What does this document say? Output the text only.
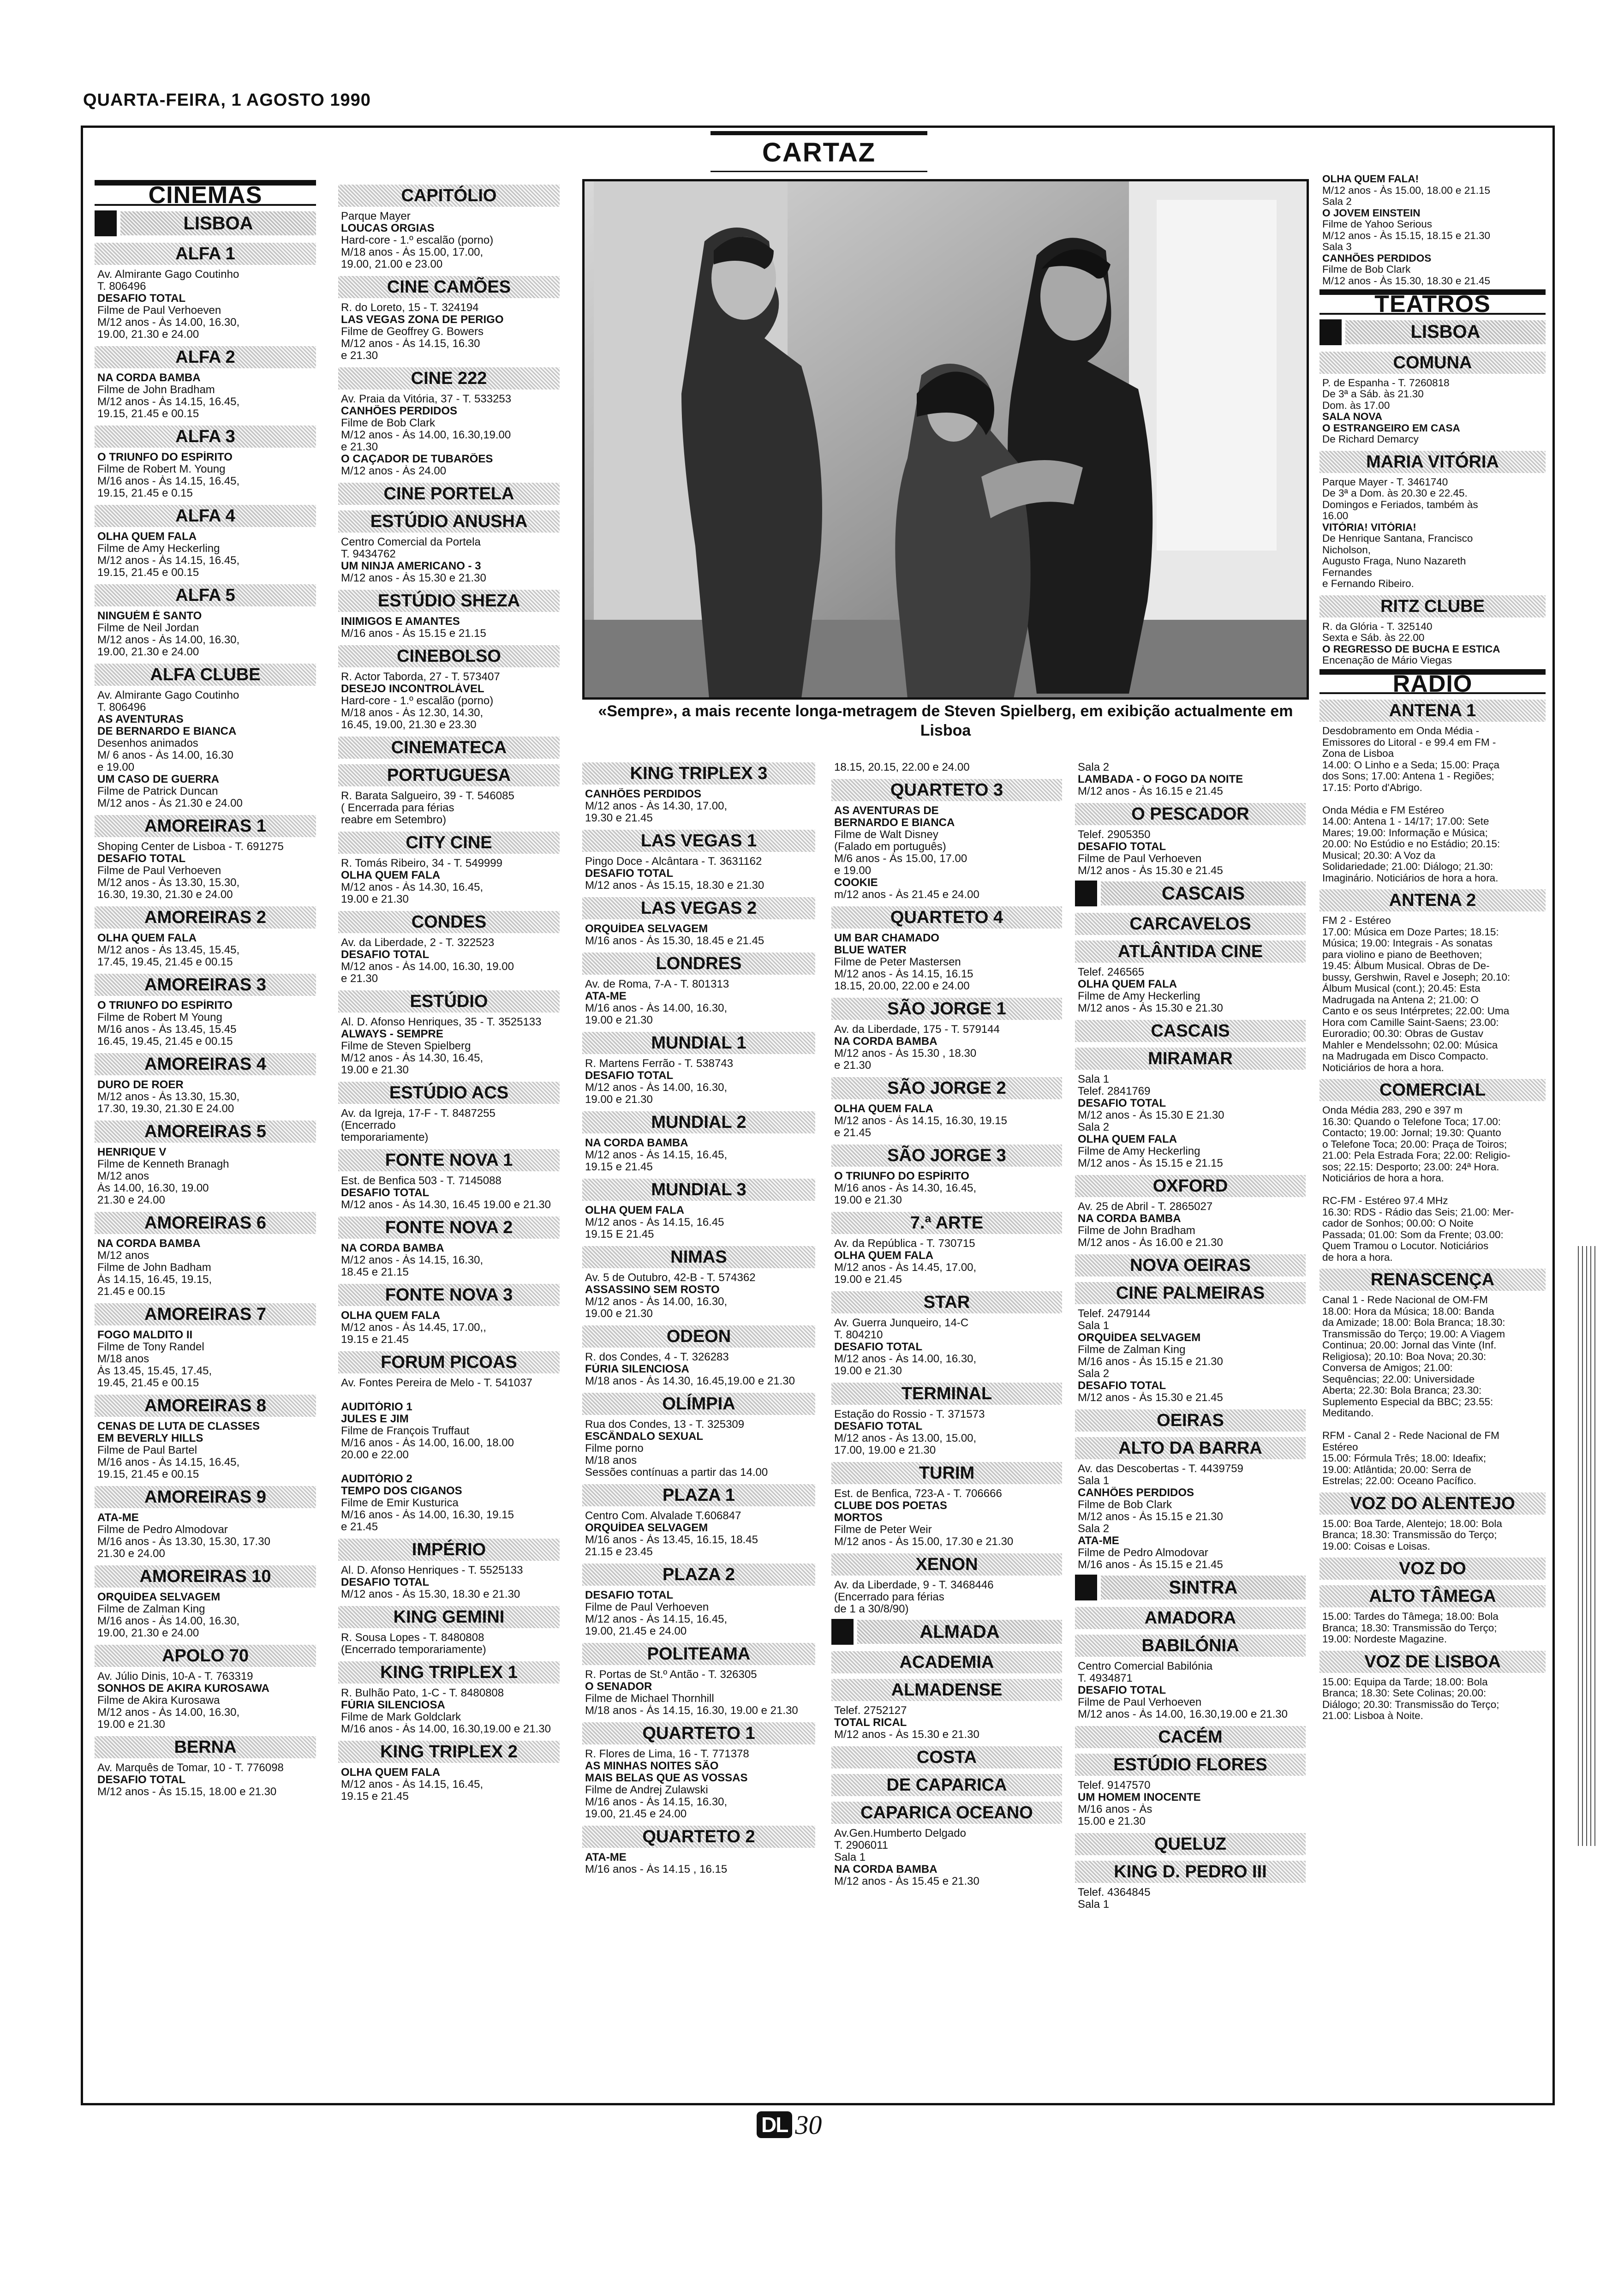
QUARTA-FEIRA, 1 AGOSTO 1990
CARTAZ
CINEMAS
LISBOA
ALFA 1
Av. Almirante Gago Coutinho
T. 806496
DESAFIO TOTAL
Filme de Paul Verhoeven
M/12 anos - Às 14.00, 16.30,
19.00, 21.30 e 24.00
ALFA 2
NA CORDA BAMBA
Filme de John Bradham
M/12 anos - Às 14.15, 16.45,
19.15, 21.45 e 00.15
ALFA 3
O TRIUNFO DO ESPÍRITO
Filme de Robert M. Young
M/16 anos - Às 14.15, 16.45,
19.15, 21.45 e 0.15
ALFA 4
OLHA QUEM FALA
Filme de Amy Heckerling
M/12 anos - Às 14.15, 16.45,
19.15, 21.45 e 00.15
ALFA 5
NINGUÉM É SANTO
Filme de Neil Jordan
M/12 anos - Às 14.00, 16.30,
19.00, 21.30 e 24.00
ALFA CLUBE
Av. Almirante Gago Coutinho
T. 806496
AS AVENTURAS
DE BERNARDO E BIANCA
Desenhos animados
M/ 6 anos - Às 14.00, 16.30
e 19.00
UM CASO DE GUERRA
Filme de Patrick Duncan
M/12 anos - Às 21.30 e 24.00
AMOREIRAS 1
Shoping Center de Lisboa - T. 691275
DESAFIO TOTAL
Filme de Paul Verhoeven
M/12 anos - Às 13.30, 15.30,
16.30, 19.30, 21.30 e 24.00
AMOREIRAS 2
OLHA QUEM FALA
M/12 anos - Às 13.45, 15.45,
17.45, 19.45, 21.45 e 00.15
AMOREIRAS 3
O TRIUNFO DO ESPÍRITO
Filme de Robert M Young
M/16 anos - Às 13.45, 15.45
16.45, 19.45, 21.45 e 00.15
AMOREIRAS 4
DURO DE ROER
M/12 anos - Às 13.30, 15.30,
17.30, 19.30, 21.30 E 24.00
AMOREIRAS 5
HENRIQUE V
Filme de Kenneth Branagh
M/12 anos
Às 14.00, 16.30, 19.00
21.30 e 24.00
AMOREIRAS 6
NA CORDA BAMBA
M/12 anos
Filme de John Badham
Às 14.15, 16.45, 19.15,
21.45 e 00.15
AMOREIRAS 7
FOGO MALDITO II
Filme de Tony Randel
M/18 anos
Às 13.45, 15.45, 17.45,
19.45, 21.45 e 00.15
AMOREIRAS 8
CENAS DE LUTA DE CLASSES
EM BEVERLY HILLS
Filme de Paul Bartel
M/16 anos - Às 14.15, 16.45,
19.15, 21.45 e 00.15
AMOREIRAS 9
ATA-ME
Filme de Pedro Almodovar
M/16 anos - Às 13.30, 15.30, 17.30
21.30 e 24.00
AMOREIRAS 10
ORQUÍDEA SELVAGEM
Filme de Zalman King
M/16 anos - Às 14.00, 16.30,
19.00, 21.30 e 24.00
APOLO 70
Av. Júlio Dinis, 10-A - T. 763319
SONHOS DE AKIRA KUROSAWA
Filme de Akira Kurosawa
M/12 anos - Às 14.00, 16.30,
19.00 e 21.30
BERNA
Av. Marquês de Tomar, 10 - T. 776098
DESAFIO TOTAL
M/12 anos - Às 15.15, 18.00 e 21.30
CAPITÓLIO
Parque Mayer
LOUCAS ORGIAS
Hard-core - 1.º escalão (porno)
M/18 anos - Às 15.00, 17.00,
19.00, 21.00 e 23.00
CINE CAMÕES
R. do Loreto, 15 - T. 324194
LAS VEGAS ZONA DE PERIGO
Filme de Geoffrey G. Bowers
M/12 anos - Às 14.15, 16.30
e 21.30
CINE 222
Av. Praia da Vitória, 37 - T. 533253
CANHÕES PERDIDOS
Filme de Bob Clark
M/12 anos - Às 14.00, 16.30,19.00
e 21.30
O CAÇADOR DE TUBARÕES
M/12 anos - Às 24.00
CINE PORTELA
ESTÚDIO ANUSHA
Centro Comercial da Portela
T. 9434762
UM NINJA AMERICANO - 3
M/12 anos - Às 15.30 e 21.30
ESTÚDIO SHEZA
INIMIGOS E AMANTES
M/16 anos - Às 15.15 e 21.15
CINEBOLSO
R. Actor Taborda, 27 - T. 573407
DESEJO INCONTROLÁVEL
Hard-core - 1.º escalão (porno)
M/18 anos - Às 12.30, 14.30,
16.45, 19.00, 21.30 e 23.30
CINEMATECA
PORTUGUESA
R. Barata Salgueiro, 39 - T. 546085
( Encerrada para férias
reabre em Setembro)
CITY CINE
R. Tomás Ribeiro, 34 - T. 549999
OLHA QUEM FALA
M/12 anos - Às 14.30, 16.45,
19.00 e 21.30
CONDES
Av. da Liberdade, 2 - T. 322523
DESAFIO TOTAL
M/12 anos - Às 14.00, 16.30, 19.00
e 21.30
ESTÚDIO
Al. D. Afonso Henriques, 35 - T. 3525133
ALWAYS - SEMPRE
Filme de Steven Spielberg
M/12 anos - Às 14.30, 16.45,
19.00 e 21.30
ESTÚDIO ACS
Av. da Igreja, 17-F - T. 8487255
(Encerrado
temporariamente)
FONTE NOVA 1
Est. de Benfica 503 - T. 7145088
DESAFIO TOTAL
M/12 anos - Às 14.30, 16.45 19.00 e 21.30
FONTE NOVA 2
NA CORDA BAMBA
M/12 anos - Às 14.15, 16.30,
18.45 e 21.15
FONTE NOVA 3
OLHA QUEM FALA
M/12 anos - Às 14.45, 17.00,,
19.15 e 21.45
FORUM PICOAS
Av. Fontes Pereira de Melo - T. 541037

AUDITÓRIO 1
JULES E JIM
Filme de François Truffaut
M/16 anos - Às 14.00, 16.00, 18.00
20.00 e 22.00

AUDITÓRIO 2
TEMPO DOS CIGANOS
Filme de Emir Kusturica
M/16 anos - Às 14.00, 16.30, 19.15
e 21.45
IMPÉRIO
Al. D. Afonso Henriques - T. 5525133
DESAFIO TOTAL
M/12 anos - Às 15.30, 18.30 e 21.30
KING GEMINI
R. Sousa Lopes - T. 8480808
(Encerrado temporariamente)
KING TRIPLEX 1
R. Bulhão Pato, 1-C - T. 8480808
FÚRIA SILENCIOSA
Filme de Mark Goldclark
M/16 anos - Às 14.00, 16.30,19.00 e 21.30
KING TRIPLEX 2
OLHA QUEM FALA
M/12 anos - Às 14.15, 16.45,
19.15 e 21.45
KING TRIPLEX 3
CANHÕES PERDIDOS
M/12 anos - Às 14.30, 17.00,
19.30 e 21.45
LAS VEGAS 1
Pingo Doce - Alcântara - T. 3631162
DESAFIO TOTAL
M/12 anos - Às 15.15, 18.30 e 21.30
LAS VEGAS 2
ORQUÍDEA SELVAGEM
M/16 anos - Às 15.30, 18.45 e 21.45
LONDRES
Av. de Roma, 7-A - T. 801313
ATA-ME
M/16 anos - Às 14.00, 16.30,
19.00 e 21.30
MUNDIAL 1
R. Martens Ferrão - T. 538743
DESAFIO TOTAL
M/12 anos - Às 14.00, 16.30,
19.00 e 21.30
MUNDIAL 2
NA CORDA BAMBA
M/12 anos - Às 14.15, 16.45,
19.15 e 21.45
MUNDIAL 3
OLHA QUEM FALA
M/12 anos - Às 14.15, 16.45
19.15 E 21.45
NIMAS
Av. 5 de Outubro, 42-B - T. 574362
ASSASSINO SEM ROSTO
M/12 anos - Às 14.00, 16.30,
19.00 e 21.30
ODEON
R. dos Condes, 4 - T. 326283
FÚRIA SILENCIOSA
M/18 anos - Às 14.30, 16.45,19.00 e 21.30
OLÍMPIA
Rua dos Condes, 13 - T. 325309
ESCÂNDALO SEXUAL
Filme porno
M/18 anos
Sessões contínuas a partir das 14.00
PLAZA 1
Centro Com. Alvalade T.606847
ORQUÍDEA SELVAGEM
M/16 anos - Às 13.45, 16.15, 18.45
21.15 e 23.45
PLAZA 2
DESAFIO TOTAL
Filme de Paul Verhoeven
M/12 anos - Às 14.15, 16.45,
19.00, 21.45 e 24.00
POLITEAMA
R. Portas de St.º Antão - T. 326305
O SENADOR
Filme de Michael Thornhill
M/18 anos - Às 14.15, 16.30, 19.00 e 21.30
QUARTETO 1
R. Flores de Lima, 16 - T. 771378
AS MINHAS NOITES SÃO
MAIS BELAS QUE AS VOSSAS
Filme de Andrej Zulawski
M/16 anos - Às 14.15, 16.30,
19.00, 21.45 e 24.00
QUARTETO 2
ATA-ME
M/16 anos - Às 14.15 , 16.15
18.15, 20.15, 22.00 e 24.00
QUARTETO 3
AS AVENTURAS DE
BERNARDO E BIANCA
Filme de Walt Disney
(Falado em português)
M/6 anos - Às 15.00, 17.00
e 19.00
COOKIE
m/12 anos - Às 21.45 e 24.00
QUARTETO 4
UM BAR CHAMADO
BLUE WATER
Filme de Peter Mastersen
M/12 anos - Às 14.15, 16.15
18.15, 20.00, 22.00 e 24.00
SÃO JORGE 1
Av. da Liberdade, 175 - T. 579144
NA CORDA BAMBA
M/12 anos - Às 15.30 , 18.30
e 21.30
SÃO JORGE 2
OLHA QUEM FALA
M/12 anos - Às 14.15, 16.30, 19.15
e 21.45
SÃO JORGE 3
O TRIUNFO DO ESPÍRITO
M/16 anos - Às 14.30, 16.45,
19.00 e 21.30
7.ª ARTE
Av. da República - T. 730715
OLHA QUEM FALA
M/12 anos - Às 14.45, 17.00,
19.00 e 21.45
STAR
Av. Guerra Junqueiro, 14-C
T. 804210
DESAFIO TOTAL
M/12 anos - Às 14.00, 16.30,
19.00 e 21.30
TERMINAL
Estação do Rossio - T. 371573
DESAFIO TOTAL
M/12 anos - Às 13.00, 15.00,
17.00, 19.00 e 21.30
TURIM
Est. de Benfica, 723-A - T. 706666
CLUBE DOS POETAS
MORTOS
Filme de Peter Weir
M/12 anos - Às 15.00, 17.30 e 21.30
XENON
Av. da Liberdade, 9 - T. 3468446
(Encerrado para férias
de 1 a 30/8/90)
ALMADA
ACADEMIA
ALMADENSE
Telef. 2752127
TOTAL RICAL
M/12 anos - Às 15.30 e 21.30
COSTA
DE CAPARICA
CAPARICA OCEANO
Av.Gen.Humberto Delgado
T. 2906011
Sala 1
NA CORDA BAMBA
M/12 anos - Às 15.45 e 21.30
Sala 2
LAMBADA - O FOGO DA NOITE
M/12 anos - Às 16.15 e 21.45
O PESCADOR
Telef. 2905350
DESAFIO TOTAL
Filme de Paul Verhoeven
M/12 anos - Às 15.30 e 21.45
CASCAIS
CARCAVELOS
ATLÂNTIDA CINE
Telef. 246565
OLHA QUEM FALA
Filme de Amy Heckerling
M/12 anos - Às 15.30 e 21.30
CASCAIS
MIRAMAR
Sala 1
Telef. 2841769
DESAFIO TOTAL
M/12 anos - Às 15.30 E 21.30
Sala 2
OLHA QUEM FALA
Filme de Amy Heckerling
M/12 anos - Às 15.15 e 21.15
OXFORD
Av. 25 de Abril - T. 2865027
NA CORDA BAMBA
Filme de John Bradham
M/12 anos - Às 16.00 e 21.30
NOVA OEIRAS
CINE PALMEIRAS
Telef. 2479144
Sala 1
ORQUÍDEA SELVAGEM
Filme de Zalman King
M/16 anos - Às 15.15 e 21.30
Sala 2
DESAFIO TOTAL
M/12 anos - Às 15.30 e 21.45
OEIRAS
ALTO DA BARRA
Av. das Descobertas - T. 4439759
Sala 1
CANHÕES PERDIDOS
Filme de Bob Clark
M/12 anos - Às 15.15 e 21.30
Sala 2
ATA-ME
Filme de Pedro Almodovar
M/16 anos - Às 15.15 e 21.45
SINTRA
AMADORA
BABILÓNIA
Centro Comercial Babilónia
T. 4934871
DESAFIO TOTAL
Filme de Paul Verhoeven
M/12 anos - Às 14.00, 16.30,19.00 e 21.30
CACÉM
ESTÚDIO FLORES
Telef. 9147570
UM HOMEM INOCENTE
M/16 anos - Às
15.00 e 21.30
QUELUZ
KING D. PEDRO III
Telef. 4364845
Sala 1
OLHA QUEM FALA!
M/12 anos - Às 15.00, 18.00 e 21.15
Sala 2
O JOVEM EINSTEIN
Filme de Yahoo Serious
M/12 anos - Às 15.15, 18.15 e 21.30
Sala 3
CANHÕES PERDIDOS
Filme de Bob Clark
M/12 anos - Às 15.30, 18.30 e 21.45
TEATROS
LISBOA
COMUNA
P. de Espanha - T. 7260818
De 3ª a Sáb. às 21.30
Dom. às 17.00
SALA NOVA
O ESTRANGEIRO EM CASA
De Richard Demarcy
MARIA VITÓRIA
Parque Mayer - T. 3461740
De 3ª a Dom. às 20.30 e 22.45.
Domingos e Feriados, também às
16.00
VITÓRIA! VITÓRIA!
De Henrique Santana, Francisco
Nicholson,
Augusto Fraga, Nuno Nazareth
Fernandes
e Fernando Ribeiro.
RITZ CLUBE
R. da Glória - T. 325140
Sexta e Sáb. às 22.00
O REGRESSO DE BUCHA E ESTICA
Encenação de Mário Viegas
RÁDIO
ANTENA 1
Desdobramento em Onda Média -
Emissores do Litoral - e 99.4 em FM -
Zona de Lisboa
14.00: O Linho e a Seda; 15.00: Praça
dos Sons; 17.00: Antena 1 - Regiões;
17.15: Porto d'Abrigo.

Onda Média e FM Estéreo
14.00: Antena 1 - 14/17; 17.00: Sete
Mares; 19.00: Informação e Música;
20.00: No Estúdio e no Estádio; 20.15:
Musical; 20.30: A Voz da
Solidariedade; 21.00: Diálogo; 21.30:
Imaginário. Noticiários de hora a hora.
ANTENA 2
FM 2 - Estéreo
17.00: Música em Doze Partes; 18.15:
Música; 19.00: Integrais - As sonatas
para violino e piano de Beethoven;
19.45: Álbum Musical. Obras de De-
bussy, Gershwin, Ravel e Joseph; 20.10:
Álbum Musical (cont.); 20.45: Esta
Madrugada na Antena 2; 21.00: O
Canto e os seus Intérpretes; 22.00: Uma
Hora com Camille Saint-Saens; 23.00:
Euroradio; 00.30: Obras de Gustav
Mahler e Mendelssohn; 02.00: Música
na Madrugada em Disco Compacto.
Noticiários de hora a hora.
COMERCIAL
Onda Média 283, 290 e 397 m
16.30: Quando o Telefone Toca; 17.00:
Contacto; 19.00: Jornal; 19.30: Quanto
o Telefone Toca; 20.00: Praça de Toiros;
21.00: Pela Estrada Fora; 22.00: Religio-
sos; 22.15: Desporto; 23.00: 24ª Hora.
Noticiários de hora a hora.

RC-FM - Estéreo 97.4 MHz
16.30: RDS - Rádio das Seis; 21.00: Mer-
cador de Sonhos; 00.00: O Noite
Passada; 01.00: Som da Frente; 03.00:
Quem Tramou o Locutor. Noticiários
de hora a hora.
RENASCENÇA
Canal 1 - Rede Nacional de OM-FM
18.00: Hora da Música; 18.00: Banda
da Amizade; 18.00: Bola Branca; 18.30:
Transmissão do Terço; 19.00: A Viagem
Continua; 20.00: Jornal das Vinte (Inf.
Religiosa); 20.10: Boa Nova; 20.30:
Conversa de Amigos; 21.00:
Sequências; 22.00: Universidade
Aberta; 22.30: Bola Branca; 23.30:
Suplemento Especial da BBC; 23.55:
Meditando.

RFM - Canal 2 - Rede Nacional de FM
Estéreo
15.00: Fórmula Três; 18.00: Ideafix;
19.00: Atlântida; 20.00: Serra de
Estrelas; 22.00: Oceano Pacífico.
VOZ DO ALENTEJO
15.00: Boa Tarde, Alentejo; 18.00: Bola
Branca; 18.30: Transmissão do Terço;
19.00: Coisas e Loisas.
VOZ DO
ALTO TÂMEGA
15.00: Tardes do Tâmega; 18.00: Bola
Branca; 18.30: Transmissão do Terço;
19.00: Nordeste Magazine.
VOZ DE LISBOA
15.00: Equipa da Tarde; 18.00: Bola
Branca; 18.30: Sete Colinas; 20.00:
Diálogo; 20.30: Transmissão do Terço;
21.00: Lisboa à Noite.
«Sempre», a mais recente longa-metragem de Steven Spielberg, em exibição actualmente em Lisboa
DL 30
